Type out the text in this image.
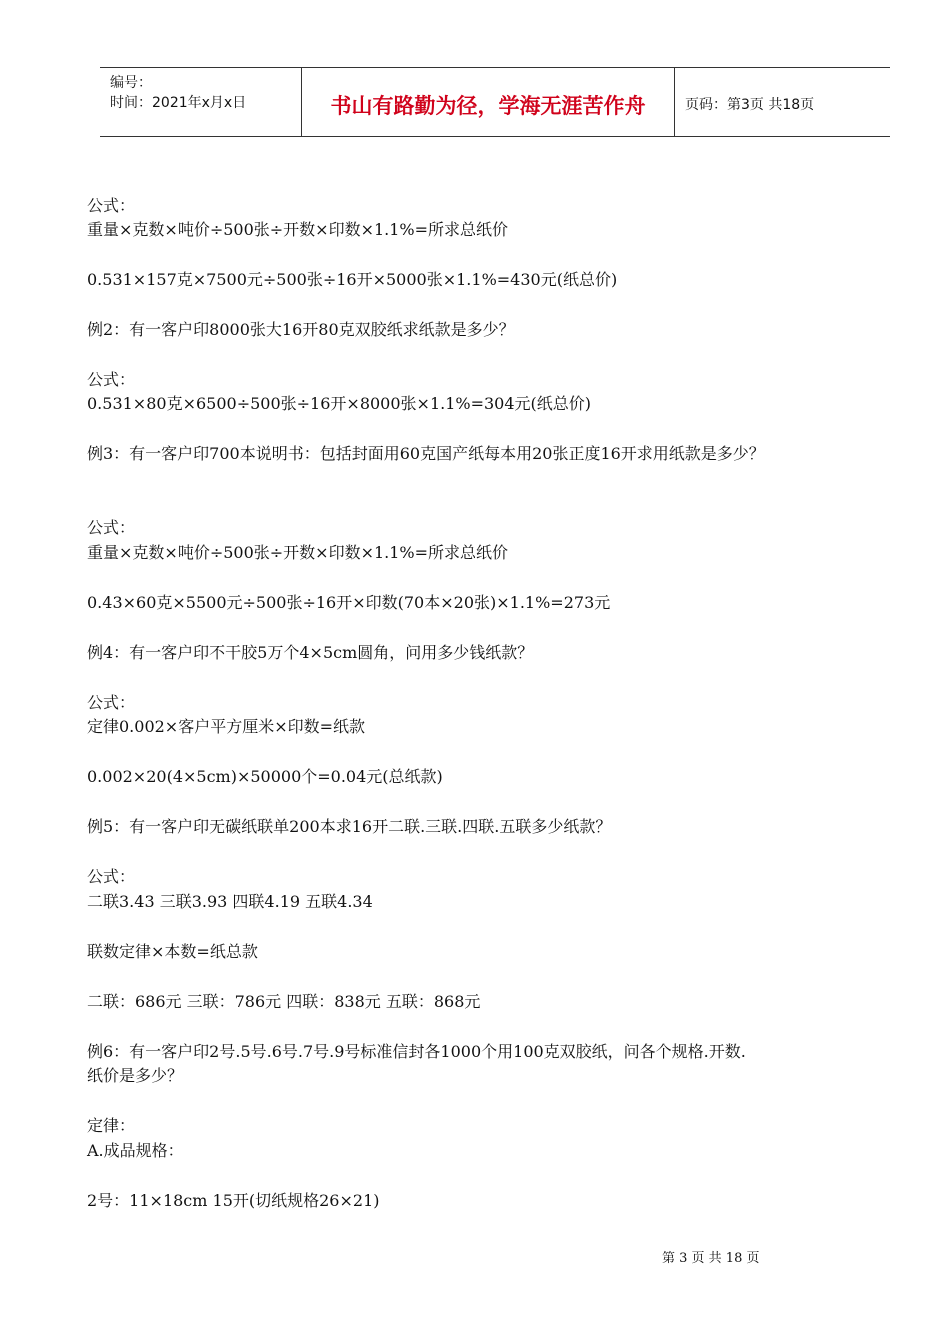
编号：
时间：2021年x月x日	书山有路勤为径，学海无涯苦作舟	页码：第3页 共18页
公式：
重量×克数×吨价÷500张÷开数×印数×1.1%=所求总纸价
0.531×157克×7500元÷500张÷16开×5000张×1.1%=430元(纸总价)
例2：有一客户印8000张大16开80克双胶纸求纸款是多少？
公式：
0.531×80克×6500÷500张÷16开×8000张×1.1%=304元(纸总价)
例3：有一客户印700本说明书：包括封面用60克国产纸每本用20张正度16开求用纸款是多少？
公式：
重量×克数×吨价÷500张÷开数×印数×1.1%=所求总纸价
0.43×60克×5500元÷500张÷16开×印数(70本×20张)×1.1%=273元
例4：有一客户印不干胶5万个4×5cm圆角，问用多少钱纸款？
公式：
定律0.002×客户平方厘米×印数=纸款
0.002×20(4×5cm)×50000个=0.04元(总纸款)
例5：有一客户印无碳纸联单200本求16开二联.三联.四联.五联多少纸款？
公式：
二联3.43 三联3.93 四联4.19 五联4.34
联数定律×本数=纸总款
二联：686元 三联：786元 四联：838元 五联：868元
例6：有一客户印2号.5号.6号.7号.9号标准信封各1000个用100克双胶纸，问各个规格.开数.
纸价是多少？
定律：
A.成品规格：
2号：11×18cm 15开(切纸规格26×21)
第 3 页 共 18 页
